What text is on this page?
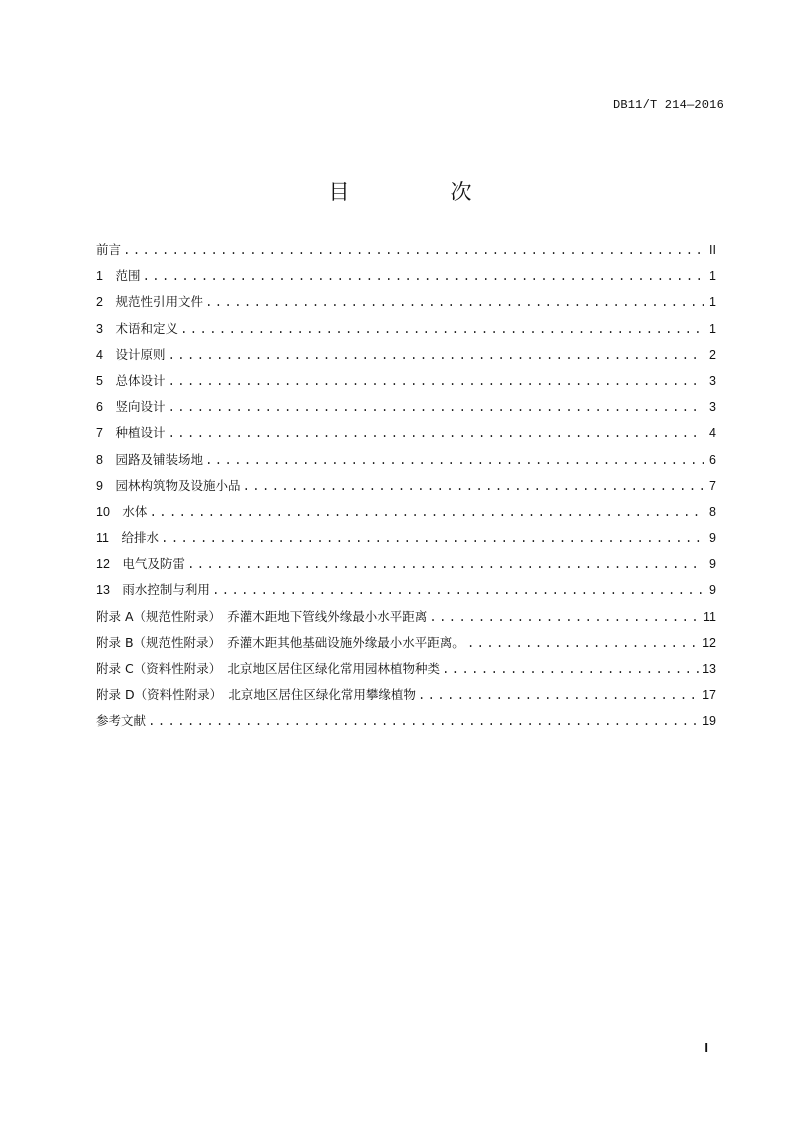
DB11/T 214—2016
目　次
前言 .....	II
1　 范围 .....	1
2　 规范性引用文件 .....	1
3　 术语和定义 .....	1
4　 设计原则 .....	2
5　 总体设计 .....	3
6　 竖向设计 .....	3
7　 种植设计 .....	4
8　 园路及铺装场地 .....	6
9　 园林构筑物及设施小品 .....	7
10　 水体 .....	8
11　 给排水 .....	9
12　 电气及防雷 .....	9
13　 雨水控制与利用 .....	9
附录 A（规范性附录）　乔灌木距地下管线外缘最小水平距离 .....	11
附录 B（规范性附录）　乔灌木距其他基础设施外缘最小水平距离。 .....	12
附录 C（资料性附录）　北京地区居住区绿化常用园林植物种类 .....	13
附录 D（资料性附录）　北京地区居住区绿化常用攀缘植物 .....	17
参考文献 .....	19
I
